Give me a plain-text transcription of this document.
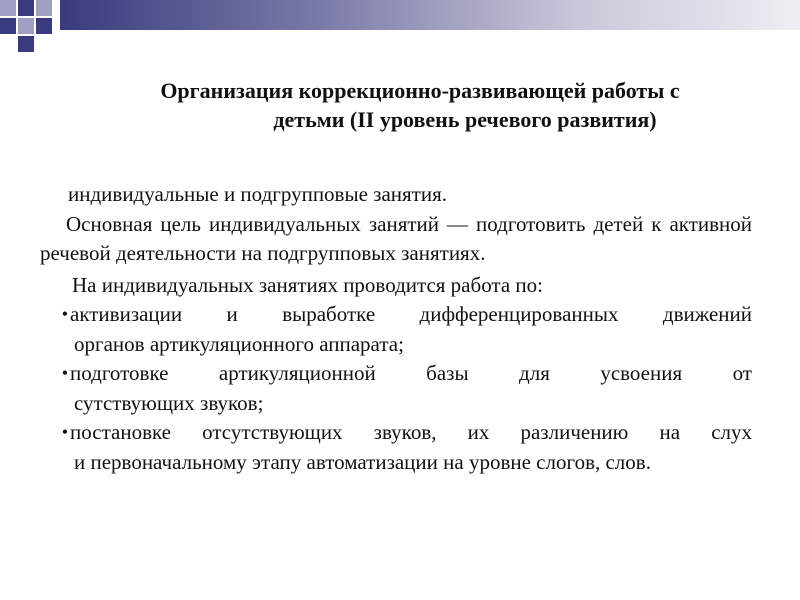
Организация коррекционно-развивающей работы с
детьми (II уровень речевого развития)

индивидуальные и подгрупповые занятия.

Основная цель индивидуальных занятий — подготовить детей к активной речевой деятельности на подгрупповых занятиях.

На индивидуальных занятиях проводится работа по:

• активизации и выработке дифференцированных движений
органов артикуляционного аппарата;
• подготовке артикуляционной базы для усвоения от
сутствующих звуков;
• постановке отсутствующих звуков, их различению на слух
и первоначальному этапу автоматизации на уровне слогов, слов.
